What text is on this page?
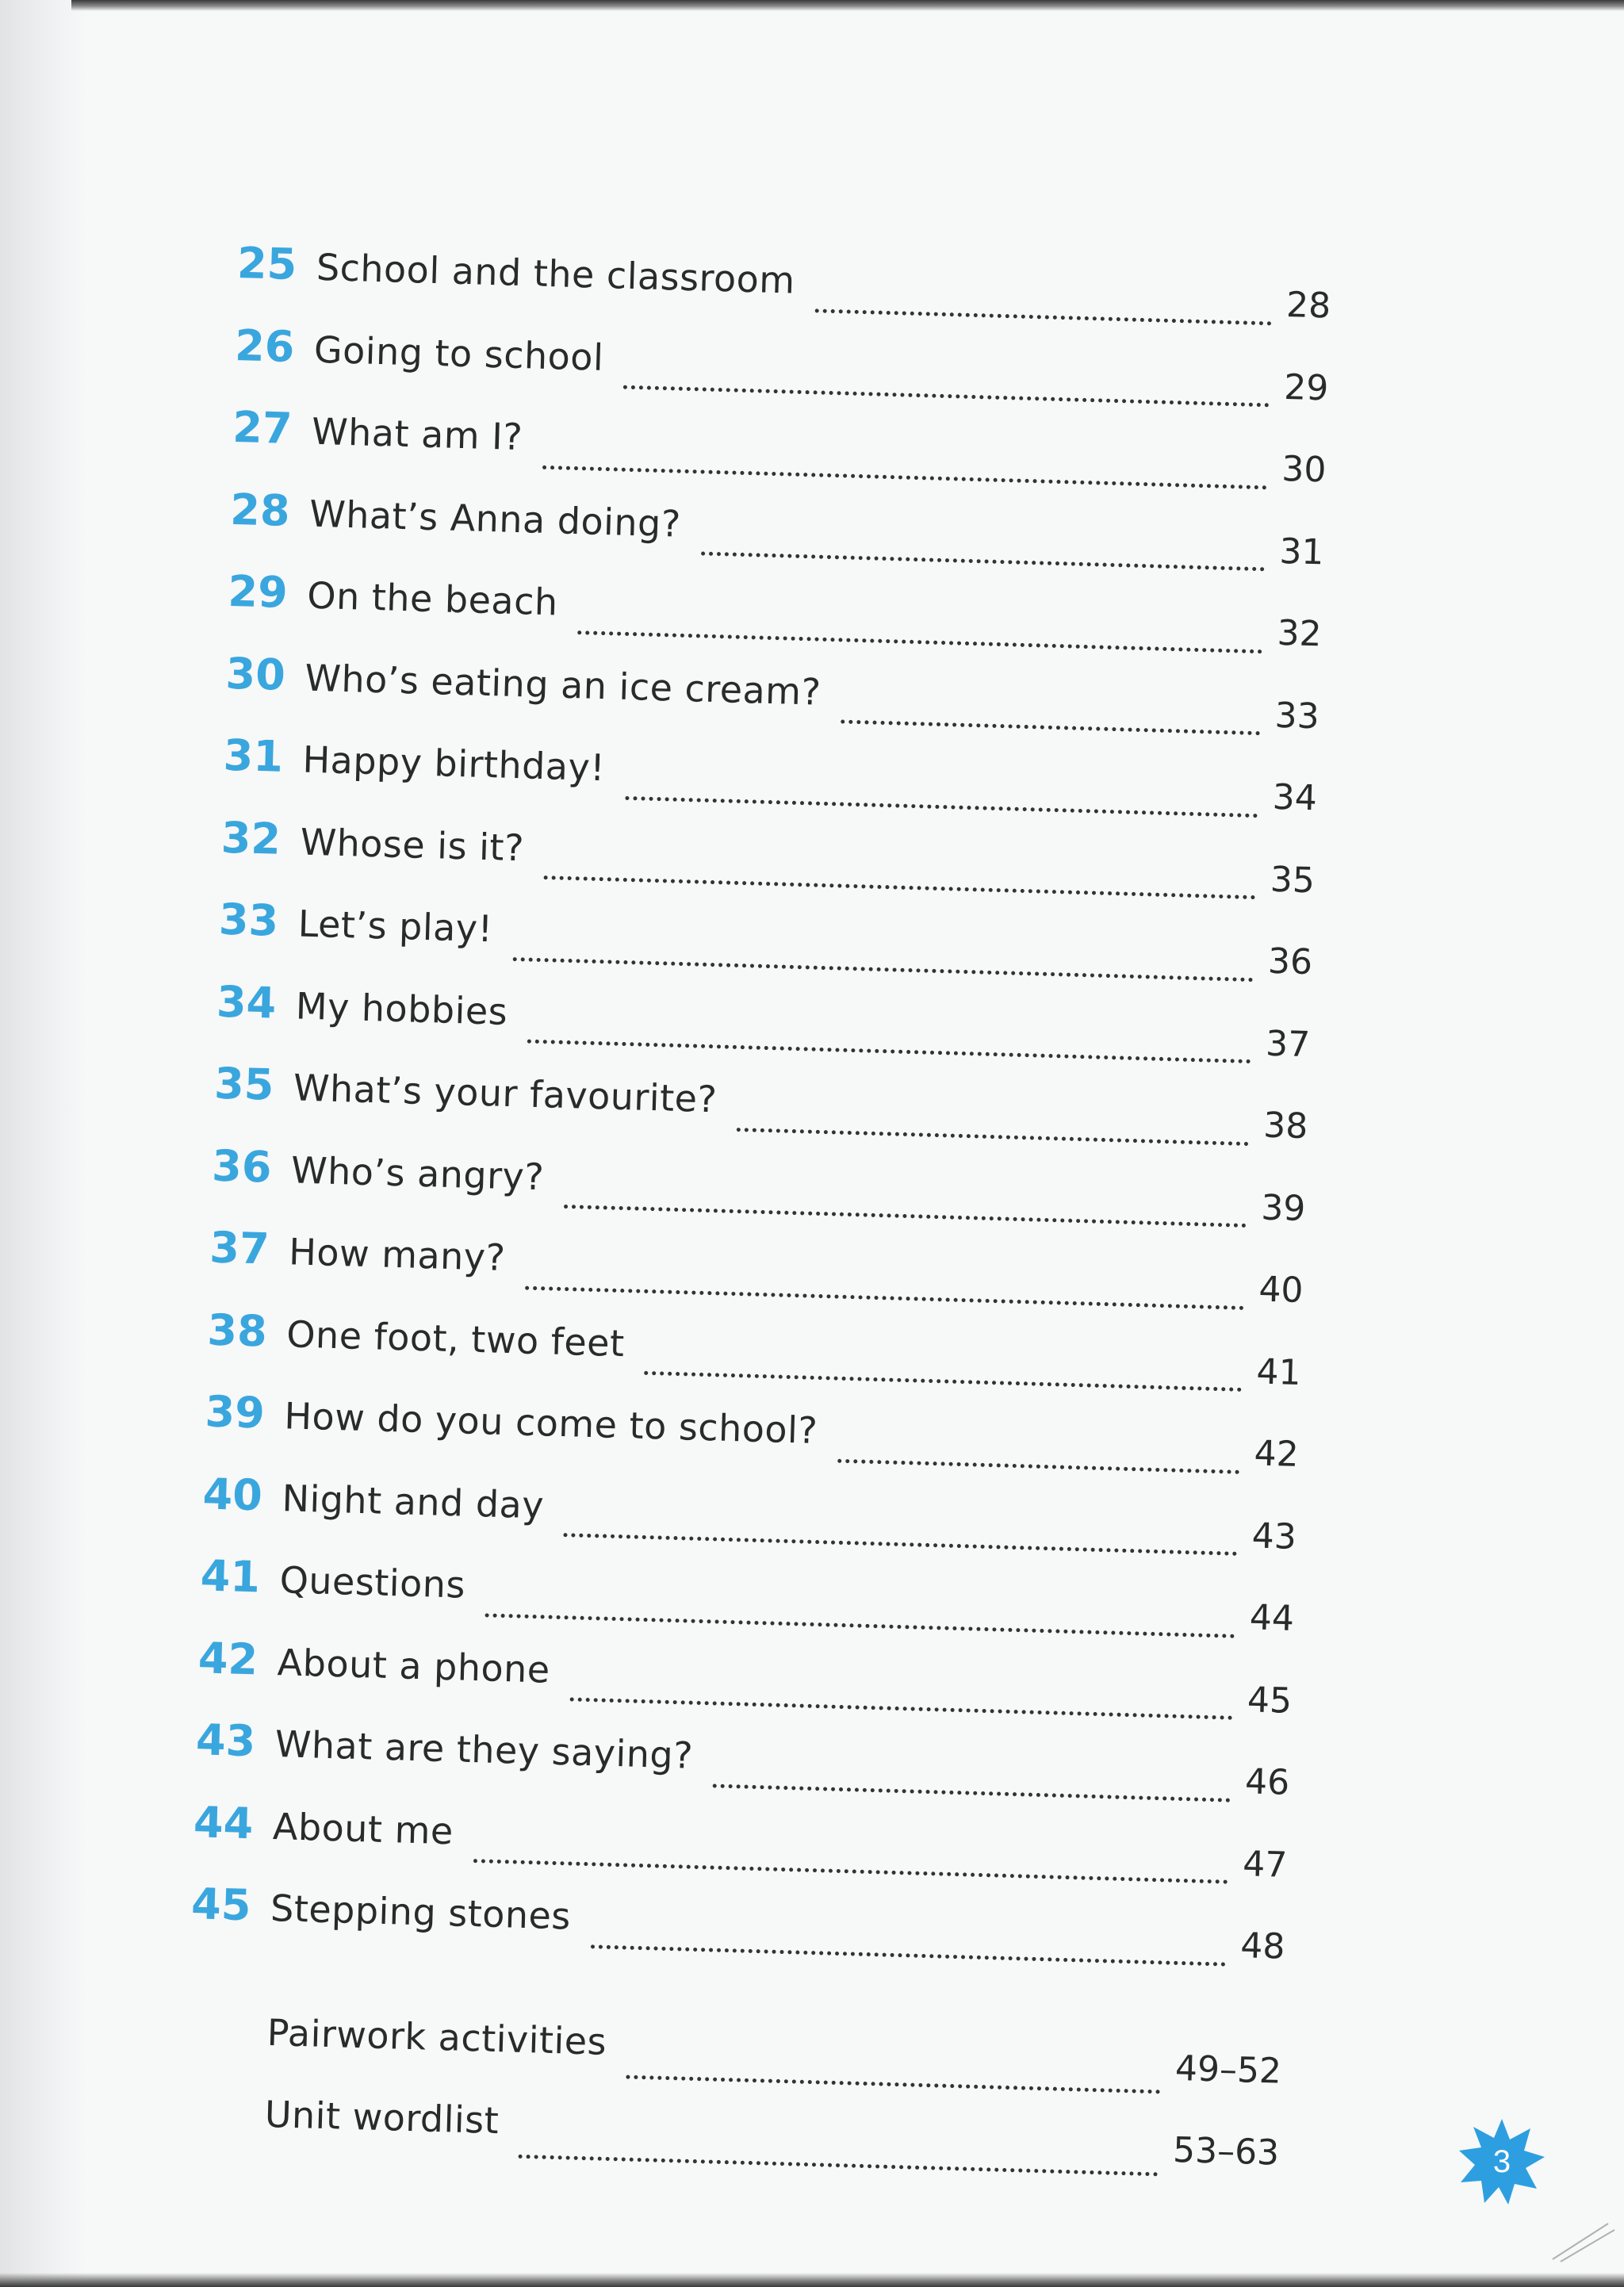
25 School and the classroom
28
26 Going to school
29
27 What am I?
30
28 What’s Anna doing?
31
29 On the beach
32
30 Who’s eating an ice cream?
33
31 Happy birthday!
34
32 Whose is it?
35
33 Let’s play!
36
34 My hobbies
37
35 What’s your favourite?
38
36 Who’s angry?
39
37 How many?
40
38 One foot, two feet
41
39 How do you come to school?
42
40 Night and day
43
41 Questions
44
42 About a phone
45
43 What are they saying?
46
44 About me
47
45 Stepping stones
48
Pairwork activities
49–52
Unit wordlist
53–63	3
